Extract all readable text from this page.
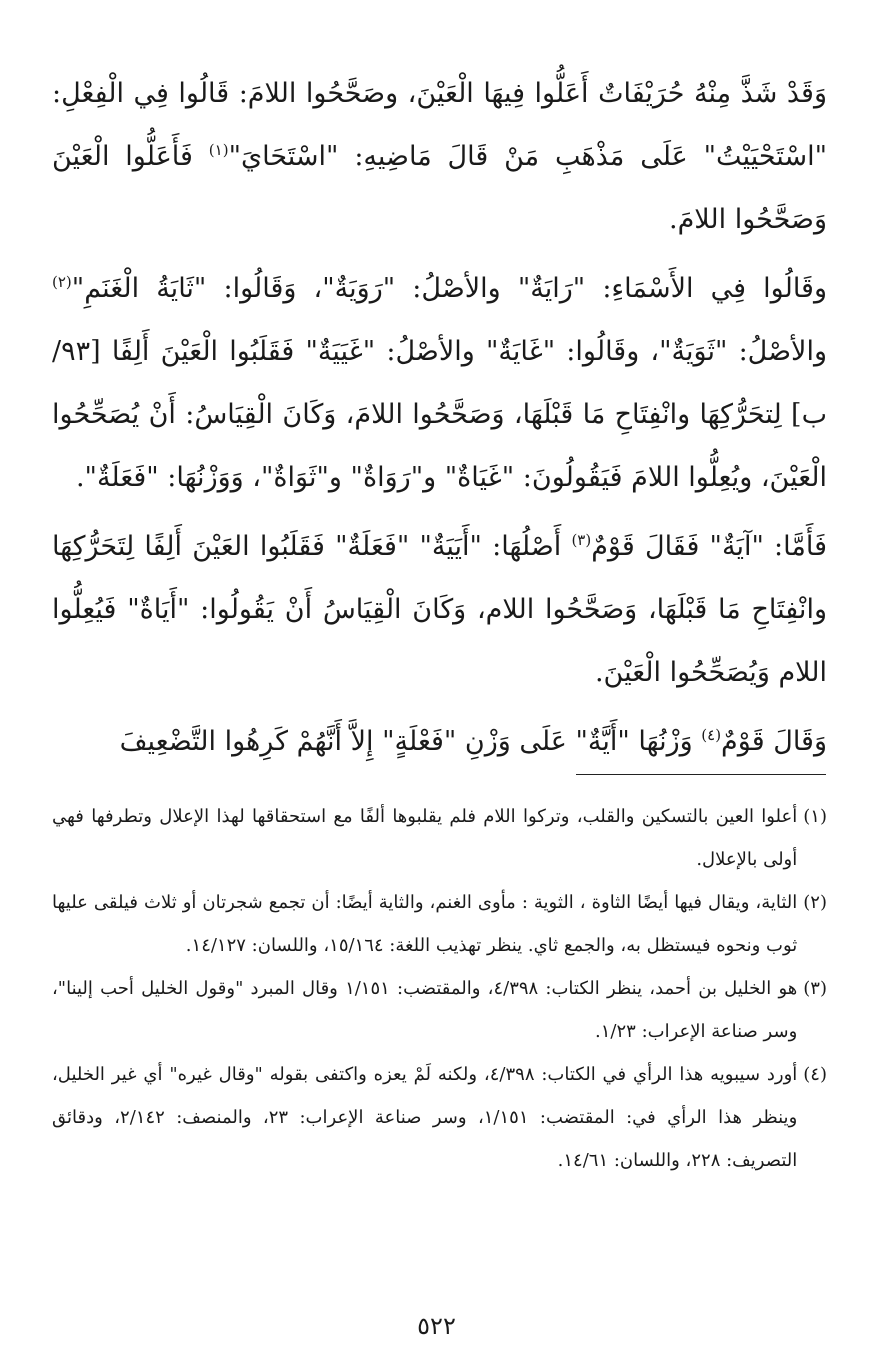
وَقَدْ شَذَّ مِنْهُ حُرَيْفَاتٌ أَعَلُّوا فِيهَا الْعَيْنَ، وصَحَّحُوا اللامَ: قَالُوا فِي الْفِعْلِ: "اسْتَحْيَيْتُ" عَلَى مَذْهَبِ مَنْ قَالَ مَاضِيهِ: "اسْتَحَايَ"$^{(١)}$ فَأَعَلُّوا الْعَيْنَ وَصَحَّحُوا اللامَ.

وقَالُوا فِي الأَسْمَاءِ: "رَايَةٌ" والأصْلُ: "رَوَيَةٌ"، وَقَالُوا: "ثَايَةُ الْغَنَمِ"$^{(٢)}$ والأصْلُ: "ثَوَيَةٌ"، وقَالُوا: "غَايَةٌ" والأصْلُ: "غَيَيَةٌ" فَقَلَبُوا الْعَيْنَ أَلِفًا [٩٣/ب] لِتحَرُّكِهَا وانْفِتَاحِ مَا قَبْلَهَا، وَصَحَّحُوا اللامَ، وَكَانَ الْقِيَاسُ: أَنْ يُصَحِّحُوا الْعَيْنَ، ويُعِلُّوا اللامَ فَيَقُولُونَ: "غَيَاةٌ" و"رَوَاةٌ" و"ثَوَاةٌ"، وَوَزْنُهَا: "فَعَلَةٌ".

فَأَمَّا: "آيَةٌ" فَقَالَ قَوْمٌ$^{(٣)}$ أَصْلُهَا: "أَيَيَةٌ" "فَعَلَةٌ" فَقَلَبُوا العَيْنَ أَلِفًا لِتَحَرُّكِهَا وانْفِتَاحِ مَا قَبْلَهَا، وَصَحَّحُوا اللام، وَكَانَ الْقِيَاسُ أَنْ يَقُولُوا: "أَيَاةٌ" فَيُعِلُّوا اللام وَيُصَحِّحُوا الْعَيْنَ.

وَقَالَ قَوْمٌ$^{(٤)}$ وَزْنُهَا "أَيَّةٌ" عَلَى وَزْنِ "فَعْلَةٍ" إِلاَّ أَنَّهُمْ كَرِهُوا التَّضْعِيفَ

(١)
أعلوا العين بالتسكين والقلب، وتركوا اللام فلم يقلبوها ألفًا مع استحقاقها لهذا الإعلال وتطرفها فهي أولى بالإعلال.
(٢)
الثاية، ويقال فيها أيضًا الثاوة ، الثوية : مأوى الغنم، والثاية أيضًا: أن تجمع شجرتان أو ثلاث فيلقى عليها ثوب ونحوه فيستظل به، والجمع ثاي. ينظر تهذيب اللغة: ١٥/١٦٤، واللسان: ١٤/١٢٧.
(٣)
هو الخليل بن أحمد، ينظر الكتاب: ٤/٣٩٨، والمقتضب: ١/١٥١ وقال المبرد "وقول الخليل أحب إلينا"، وسر صناعة الإعراب: ١/٢٣.
(٤)
أورد سيبويه هذا الرأي في الكتاب: ٤/٣٩٨، ولكنه لَمْ يعزه واكتفى بقوله "وقال غيره" أي غير الخليل، وينظر هذا الرأي في: المقتضب: ١/١٥١، وسر صناعة الإعراب: ٢٣، والمنصف: ٢/١٤٢، ودقائق التصريف: ٢٢٨، واللسان: ١٤/٦١.
٥٢٢
